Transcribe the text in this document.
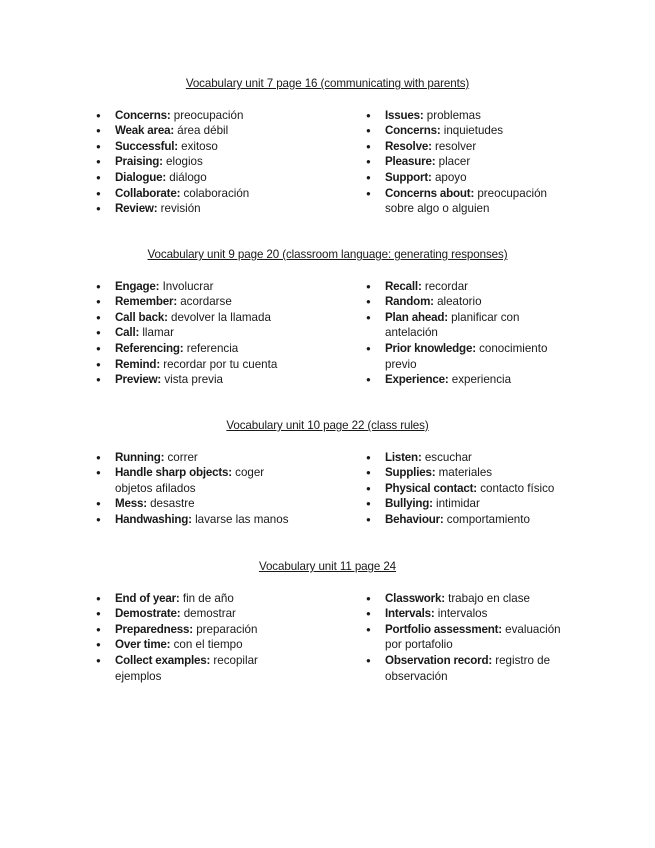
Vocabulary unit 7 page 16 (communicating with parents)
● Concerns: preocupación
● Weak area: área débil
● Successful: exitoso
● Praising: elogios
● Dialogue: diálogo
● Collaborate: colaboración
● Review: revisión
● Issues: problemas
● Concerns: inquietudes
● Resolve: resolver
● Pleasure: placer
● Support: apoyo
● Concerns about: preocupación sobre algo o alguien
Vocabulary unit 9 page 20 (classroom language: generating responses)
● Engage: Involucrar
● Remember: acordarse
● Call back: devolver la llamada
● Call: llamar
● Referencing: referencia
● Remind: recordar por tu cuenta
● Preview: vista previa
● Recall: recordar
● Random: aleatorio
● Plan ahead: planificar con antelación
● Prior knowledge: conocimiento previo
● Experience: experiencia
Vocabulary unit 10 page 22 (class rules)
● Running: correr
● Handle sharp objects: coger objetos afilados
● Mess: desastre
● Handwashing: lavarse las manos
● Listen: escuchar
● Supplies: materiales
● Physical contact: contacto físico
● Bullying: intimidar
● Behaviour: comportamiento
Vocabulary unit 11 page 24
● End of year: fin de año
● Demostrate: demostrar
● Preparedness: preparación
● Over time: con el tiempo
● Collect examples: recopilar ejemplos
● Classwork: trabajo en clase
● Intervals: intervalos
● Portfolio assessment: evaluación por portafolio
● Observation record: registro de observación
